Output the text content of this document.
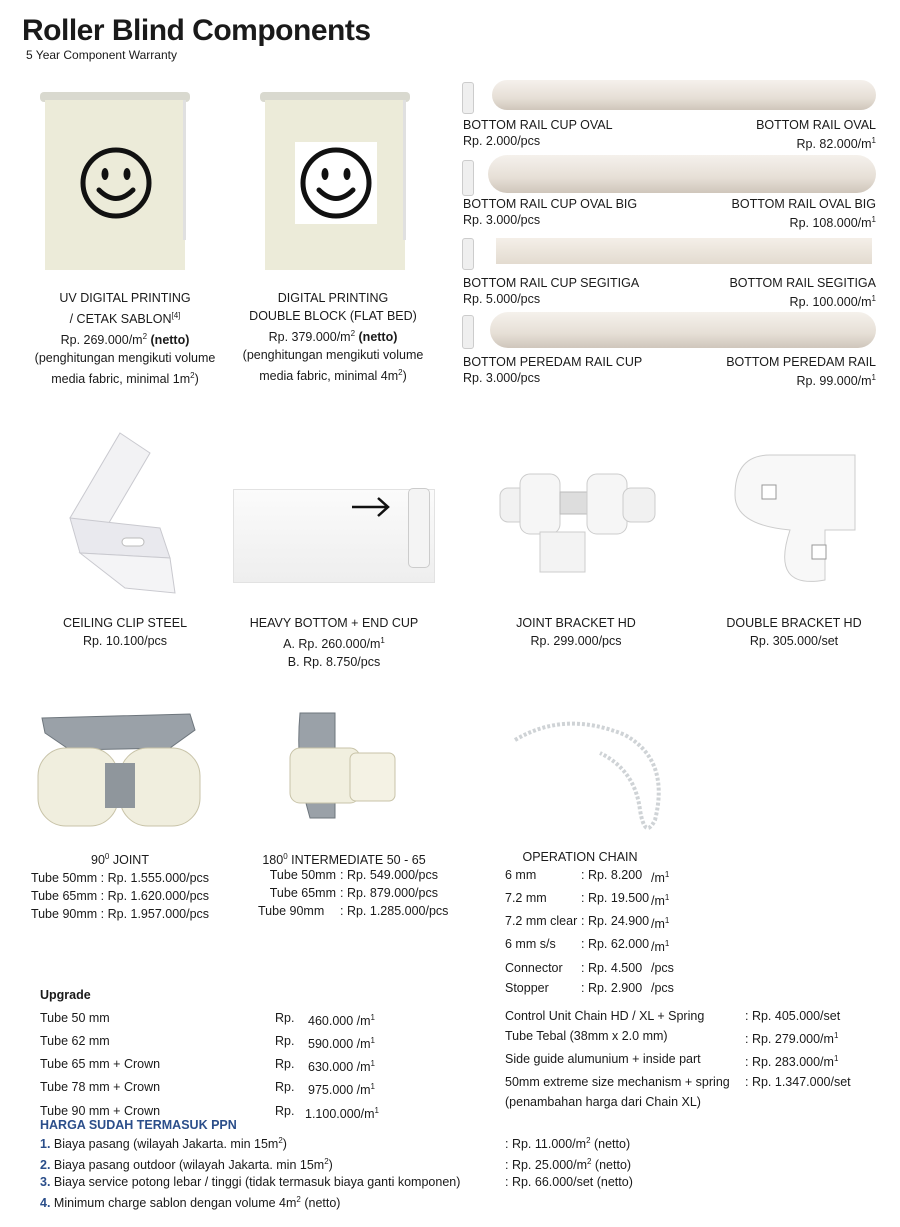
Roller Blind Components
5 Year Component Warranty
UV DIGITAL PRINTING
/ CETAK SABLON[4]
Rp. $269.000/m^2$ (netto)
(penghitungan mengikuti volume
media fabric, minimal $1m^2$)
DIGITAL PRINTING
DOUBLE BLOCK (FLAT BED)
Rp. $379.000/m^2$ (netto)
(penghitungan mengikuti volume
media fabric, minimal $4m^2$)
BOTTOM RAIL CUP OVAL	BOTTOM RAIL OVAL
Rp. 2.000/pcs	Rp. $82.000/m^1$
BOTTOM RAIL CUP OVAL BIG	BOTTOM RAIL OVAL BIG
Rp. 3.000/pcs	Rp. $108.000/m^1$
BOTTOM RAIL CUP SEGITIGA	BOTTOM RAIL SEGITIGA
Rp. 5.000/pcs	Rp. $100.000/m^1$
BOTTOM PEREDAM RAIL CUP	BOTTOM PEREDAM RAIL
Rp. 3.000/pcs	Rp. $99.000/m^1$
CEILING CLIP STEEL
Rp. 10.100/pcs
HEAVY BOTTOM + END CUP
A. Rp. $260.000/m^1$
B. Rp. 8.750/pcs
JOINT BRACKET HD
Rp. 299.000/pcs
DOUBLE BRACKET HD
Rp. 305.000/set
$90^0$ JOINT
Tube 50mm : Rp. 1.555.000/pcs
Tube 65mm : Rp. 1.620.000/pcs
Tube 90mm : Rp. 1.957.000/pcs
$180^0$ INTERMEDIATE 50 - 65
Tube 50mm : Rp. 549.000/pcs
Tube 65mm : Rp. 879.000/pcs
Tube 90mm	: Rp. 1.285.000/pcs
OPERATION CHAIN
6 mm	: Rp. 8.200 $/m^1$
7.2 mm	: Rp. 19.500 $/m^1$
7.2 mm clear : Rp. 24.900 $/m^1$
6 mm s/s	: Rp. 62.000 $/m^1$
Connector	: Rp. 4.500 /pcs
Stopper	: Rp. 2.900 /pcs
Upgrade
Tube 50 mm	Rp.	460.000 $/m^1$
Tube 62 mm	Rp.	590.000 $/m^1$
Tube 65 mm + Crown	Rp.	630.000 $/m^1$
Tube 78 mm + Crown	Rp.	975.000 $/m^1$
Tube 90 mm + Crown	Rp. $1.100.000/m^1$
Control Unit Chain HD / XL + Spring	: Rp. 405.000/set
Tube Tebal (38mm x 2.0 mm)	: Rp. $279.000/m^1$
Side guide alumunium + inside part	: Rp. $283.000/m^1$
50mm extreme size mechanism + spring	: Rp. 1.347.000/set
(penambahan harga dari Chain XL)
HARGA SUDAH TERMASUK PPN
1. Biaya pasang (wilayah Jakarta. $\min 15m^2$)	: Rp. $11.000/m^2$ (netto)
2. Biaya pasang outdoor (wilayah Jakarta. $\min 15m^2$)	: Rp. $25.000/m^2$ (netto)
3. Biaya service potong lebar / tinggi (tidak termasuk biaya ganti komponen)	: Rp. 66.000/set (netto)
4. Minimum charge sablon dengan volume $4m^2$ (netto)
